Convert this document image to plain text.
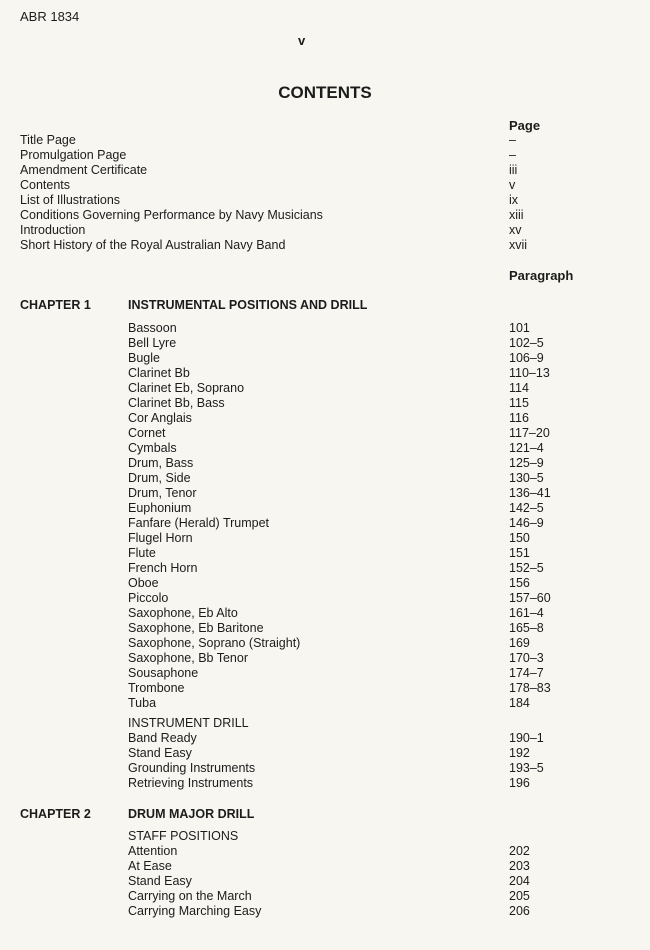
ABR 1834
v
CONTENTS
Page
Title Page	–
Promulgation Page	–
Amendment Certificate	iii
Contents	v
List of Illustrations	ix
Conditions Governing Performance by Navy Musicians	xiii
Introduction	xv
Short History of the Royal Australian Navy Band	xvii
Paragraph
CHAPTER 1	INSTRUMENTAL POSITIONS AND DRILL
Bassoon	101
Bell Lyre	102–5
Bugle	106–9
Clarinet Bb	110–13
Clarinet Eb, Soprano	114
Clarinet Bb, Bass	115
Cor Anglais	116
Cornet	117–20
Cymbals	121–4
Drum, Bass	125–9
Drum, Side	130–5
Drum, Tenor	136–41
Euphonium	142–5
Fanfare (Herald) Trumpet	146–9
Flugel Horn	150
Flute	151
French Horn	152–5
Oboe	156
Piccolo	157–60
Saxophone, Eb Alto	161–4
Saxophone, Eb Baritone	165–8
Saxophone, Soprano (Straight)	169
Saxophone, Bb Tenor	170–3
Sousaphone	174–7
Trombone	178–83
Tuba	184
INSTRUMENT DRILL
Band Ready	190–1
Stand Easy	192
Grounding Instruments	193–5
Retrieving Instruments	196
CHAPTER 2	DRUM MAJOR DRILL
STAFF POSITIONS
Attention	202
At Ease	203
Stand Easy	204
Carrying on the March	205
Carrying Marching Easy	206
